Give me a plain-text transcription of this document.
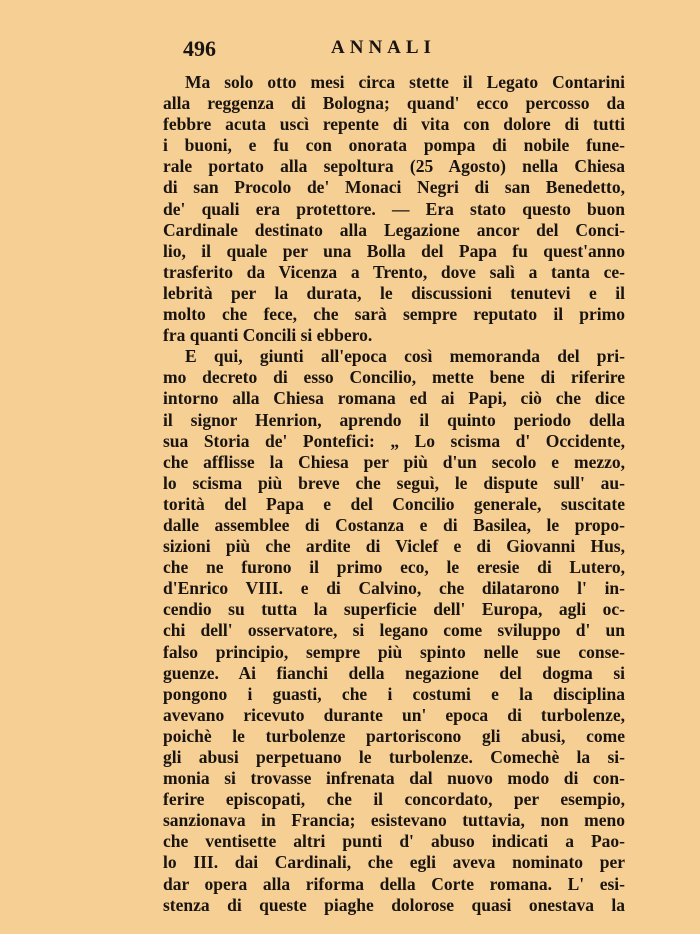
496	ANNALI
Ma solo otto mesi circa stette il Legato Contarini
alla reggenza di Bologna; quand' ecco percosso da
febbre acuta uscì repente di vita con dolore di tutti
i buoni, e fu con onorata pompa di nobile fune-
rale portato alla sepoltura (25 Agosto) nella Chiesa
di san Procolo de' Monaci Negri di san Benedetto,
de' quali era protettore. — Era stato questo buon
Cardinale destinato alla Legazione ancor del Conci-
lio, il quale per una Bolla del Papa fu quest'anno
trasferito da Vicenza a Trento, dove salì a tanta ce-
lebrità per la durata, le discussioni tenutevi e il
molto che fece, che sarà sempre reputato il primo
fra quanti Concili si ebbero.
E qui, giunti all'epoca così memoranda del pri-
mo decreto di esso Concilio, mette bene di riferire
intorno alla Chiesa romana ed ai Papi, ciò che dice
il signor Henrion, aprendo il quinto periodo della
sua Storia de' Pontefici: „ Lo scisma d' Occidente,
che afflisse la Chiesa per più d'un secolo e mezzo,
lo scisma più breve che seguì, le dispute sull' au-
torità del Papa e del Concilio generale, suscitate
dalle assemblee di Costanza e di Basilea, le propo-
sizioni più che ardite di Viclef e di Giovanni Hus,
che ne furono il primo eco, le eresie di Lutero,
d'Enrico VIII. e di Calvino, che dilatarono l' in-
cendio su tutta la superficie dell' Europa, agli oc-
chi dell' osservatore, si legano come sviluppo d' un
falso principio, sempre più spinto nelle sue conse-
guenze. Ai fianchi della negazione del dogma si
pongono i guasti, che i costumi e la disciplina
avevano ricevuto durante un' epoca di turbolenze,
poichè le turbolenze partoriscono gli abusi, come
gli abusi perpetuano le turbolenze. Comechè la si-
monia si trovasse infrenata dal nuovo modo di con-
ferire episcopati, che il concordato, per esempio,
sanzionava in Francia; esistevano tuttavia, non meno
che ventisette altri punti d' abuso indicati a Pao-
lo III. dai Cardinali, che egli aveva nominato per
dar opera alla riforma della Corte romana. L' esi-
stenza di queste piaghe dolorose quasi onestava la
